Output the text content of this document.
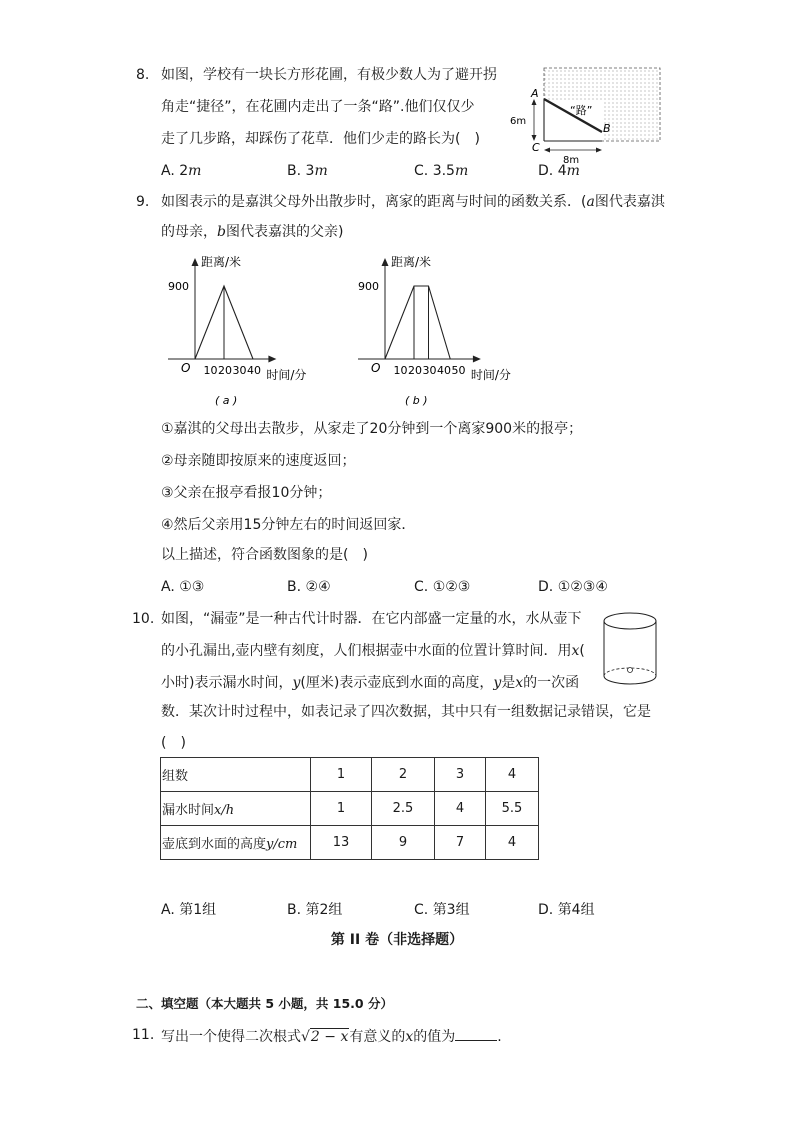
8. 如图，学校有一块长方形花圃，有极少数人为了避开拐
角走“捷径”，在花圃内走出了一条“路”.他们仅仅少
走了几步路，却踩伤了花草．他们少走的路长为(　)
A. 2m	B. 3m	C. 3.5m	D. 4m
A
B
C
6m
8m
“路”
9. 如图表示的是嘉淇父母外出散步时，离家的距离与时间的函数关系．(a图代表嘉淇
的母亲，b图代表嘉淇的父亲)
距离/米
时间/分
O
900
10 20 30 40
( a )
距离/米
时间/分
O
900
10 20 30 40 50
( b )
①嘉淇的父母出去散步，从家走了20分钟到一个离家900米的报亭；
②母亲随即按原来的速度返回；
③父亲在报亭看报10分钟；
④然后父亲用15分钟左右的时间返回家．
以上描述，符合函数图象的是(　)
A. ①③	B. ②④	C. ①②③	D. ①②③④
10. 如图，“漏壶”是一种古代计时器．在它内部盛一定量的水，水从壶下
的小孔漏出,壶内壁有刻度，人们根据壶中水面的位置计算时间．用x(
小时)表示漏水时间，y(厘米)表示壶底到水面的高度，y是x的一次函
数．某次计时过程中，如表记录了四次数据，其中只有一组数据记录错误，它是
(　)
组数	1	2	3	4
漏水时间x/h	1	2.5	4	5.5
壶底到水面的高度y/cm	13	9	7	4
A. 第1组	B. 第2组	C. 第3组	D. 第4组
第 II 卷（非选择题）
二、填空题（本大题共 5 小题，共 15.0 分）
11. 写出一个使得二次根式√2 − x有意义的x的值为	.
